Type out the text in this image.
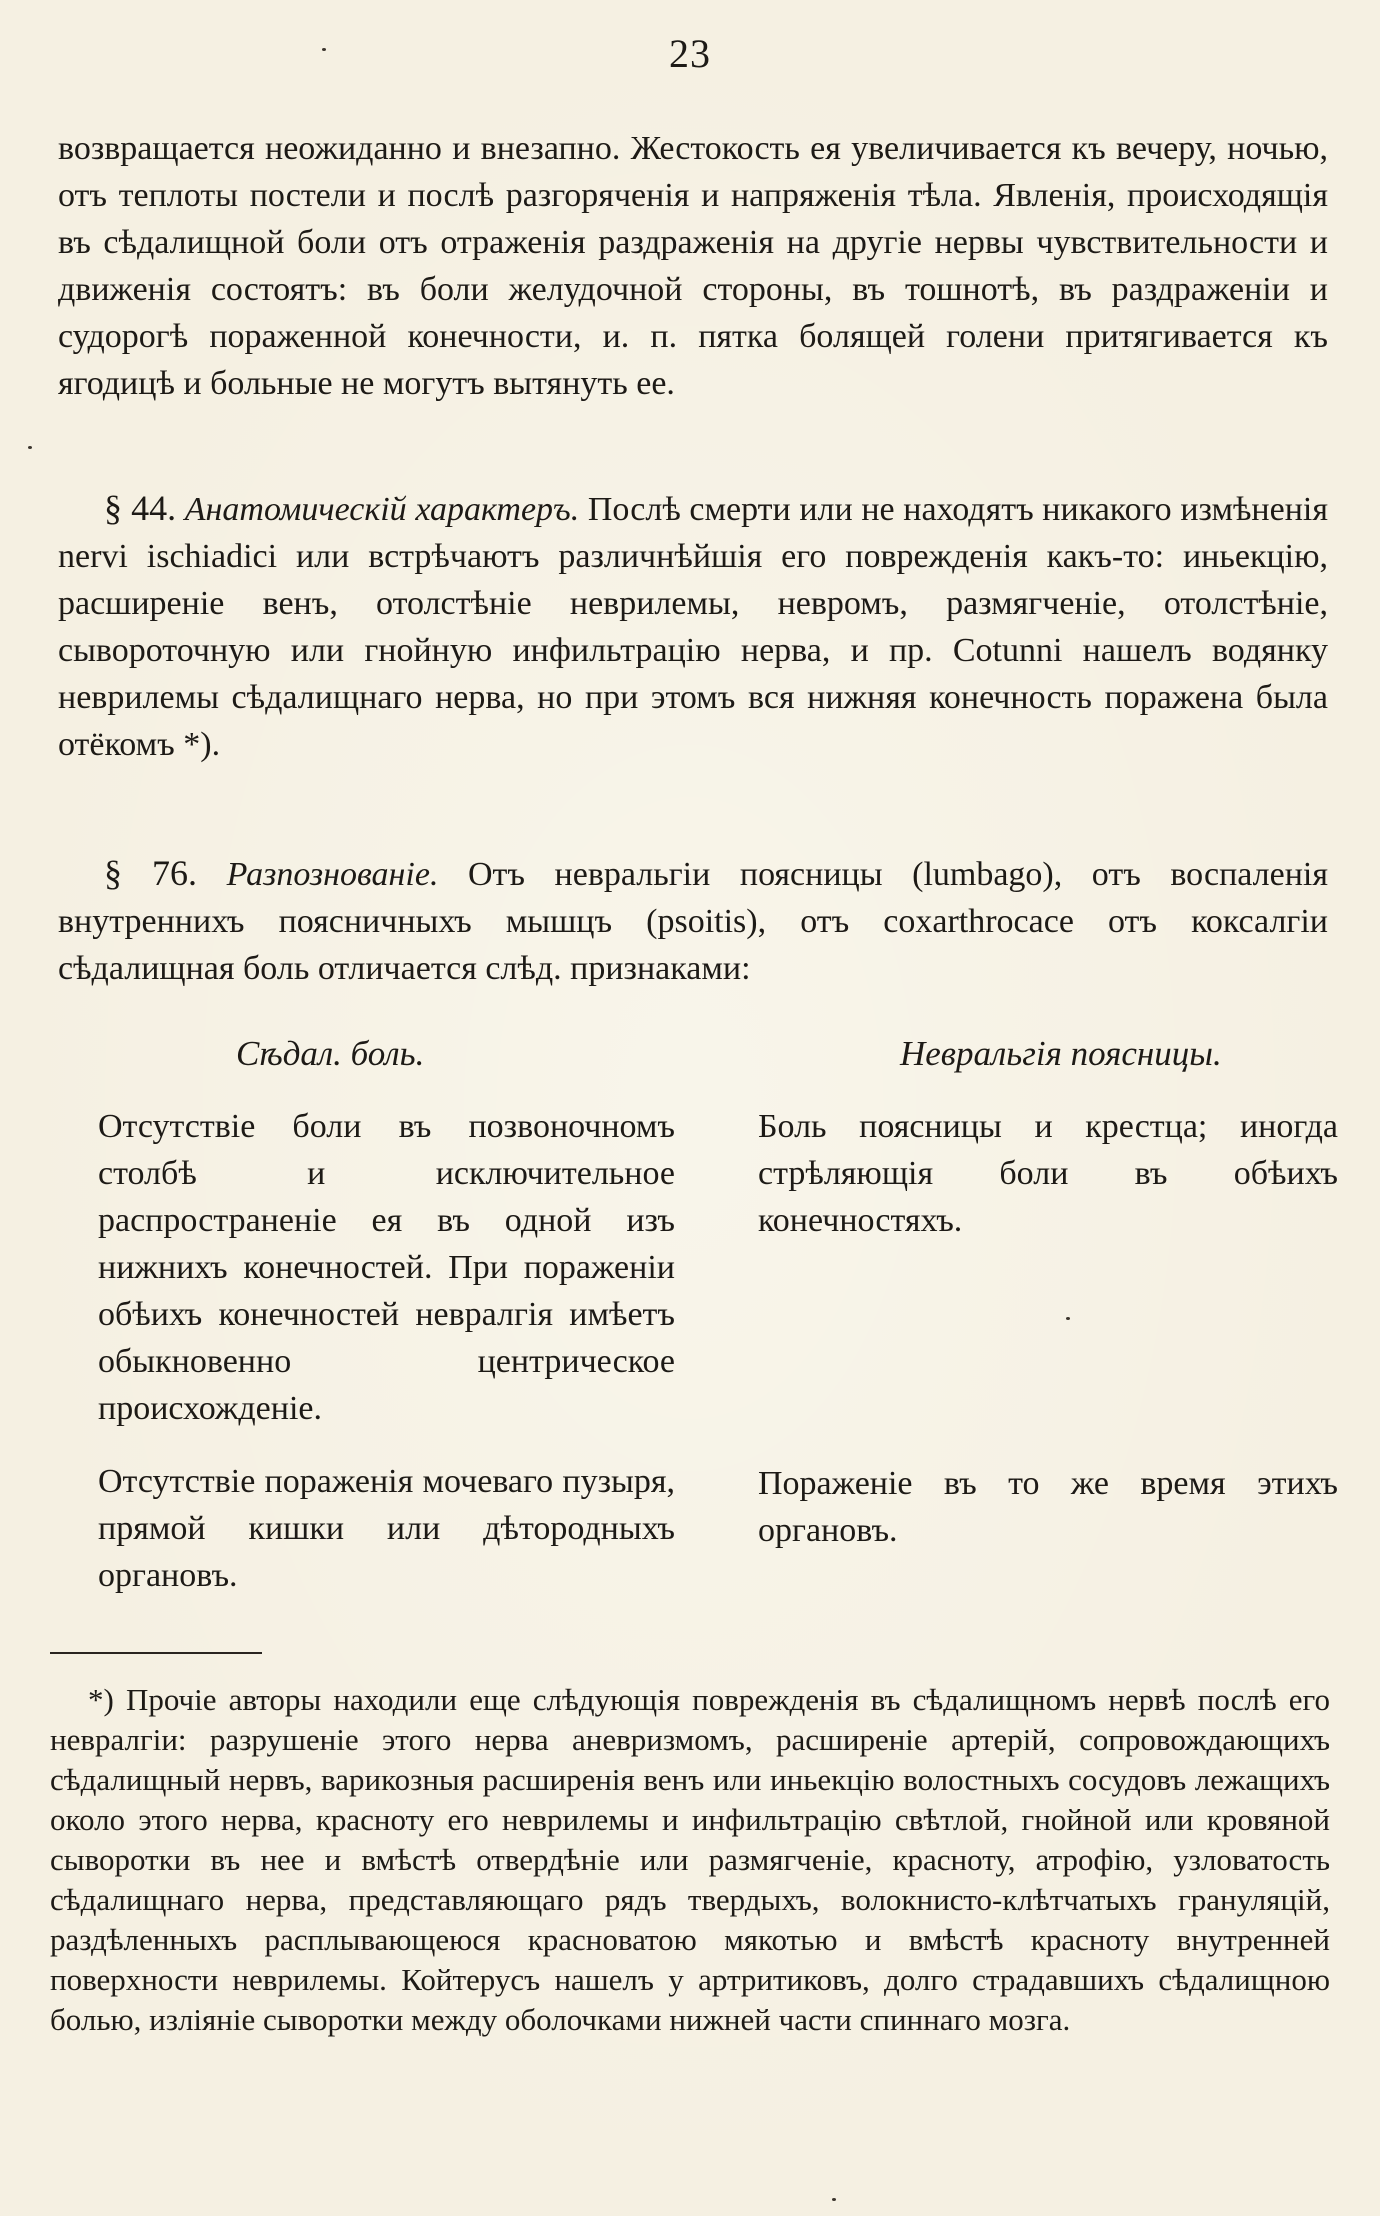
23

возвращается неожиданно и внезапно. Жестокость ея увеличивается къ вечеру, ночью, отъ теплоты постели и послѣ разгоряченія и напряженія тѣла. Явленія, происходящія въ сѣдалищной боли отъ отраженія раздраженія на другіе нервы чувствительности и движенія состоятъ: въ боли желудочной стороны, въ тошнотѣ, въ раздраженіи и судорогѣ пораженной конечности, и. п. пятка болящей голени притягивается къ ягодицѣ и больные не могутъ вытянуть ее.

§ 44. Анатомическій характеръ. Послѣ смерти или не находятъ никакого измѣненія nervi ischiadici или встрѣчаютъ различнѣйшія его поврежденія какъ-то: иньекцію, расширеніе венъ, отолстѣніе неврилемы, невромъ, размягченіе, отолстѣніе, сывороточную или гнойную инфильтрацію нерва, и пр. Cotunni нашелъ водянку неврилемы сѣдалищнаго нерва, но при этомъ вся нижняя конечность поражена была отёкомъ *).

§ 76. Разпознованіе. Отъ невральгіи поясницы (lumbago), отъ воспаленія внутреннихъ поясничныхъ мышцъ (psoitis), отъ coxarthrocace отъ коксалгіи сѣдалищная боль отличается слѣд. признаками:

Сѣдал. боль.

Отсутствіе боли въ позвоночномъ столбѣ и исключительное распространеніе ея въ одной изъ нижнихъ конечностей. При пораженіи обѣихъ конечностей невралгія имѣетъ обыкновенно центрическое происхожденіе.

Отсутствіе пораженія мочеваго пузыря, прямой кишки или дѣтородныхъ органовъ.

Невральгія поясницы.

Боль поясницы и крестца; иногда стрѣляющія боли въ обѣихъ конечностяхъ.

Пораженіе въ то же время этихъ органовъ.

*) Прочіе авторы находили еще слѣдующія поврежденія въ сѣдалищномъ нервѣ послѣ его невралгіи: разрушеніе этого нерва аневризмомъ, расширеніе артерій, сопровождающихъ сѣдалищный нервъ, варикозныя расширенія венъ или иньекцію волостныхъ сосудовъ лежащихъ около этого нерва, красноту его неврилемы и инфильтрацію свѣтлой, гнойной или кровяной сыворотки въ нее и вмѣстѣ отвердѣніе или размягченіе, красноту, атрофію, узловатость сѣдалищнаго нерва, представляющаго рядъ твердыхъ, волокнисто-клѣтчатыхъ грануляцій, раздѣленныхъ расплывающеюся красноватою мякотью и вмѣстѣ красноту внутренней поверхности неврилемы. Койтерусъ нашелъ у артритиковъ, долго страдавшихъ сѣдалищною болью, изліяніе сыворотки между оболочками нижней части спиннаго мозга.
